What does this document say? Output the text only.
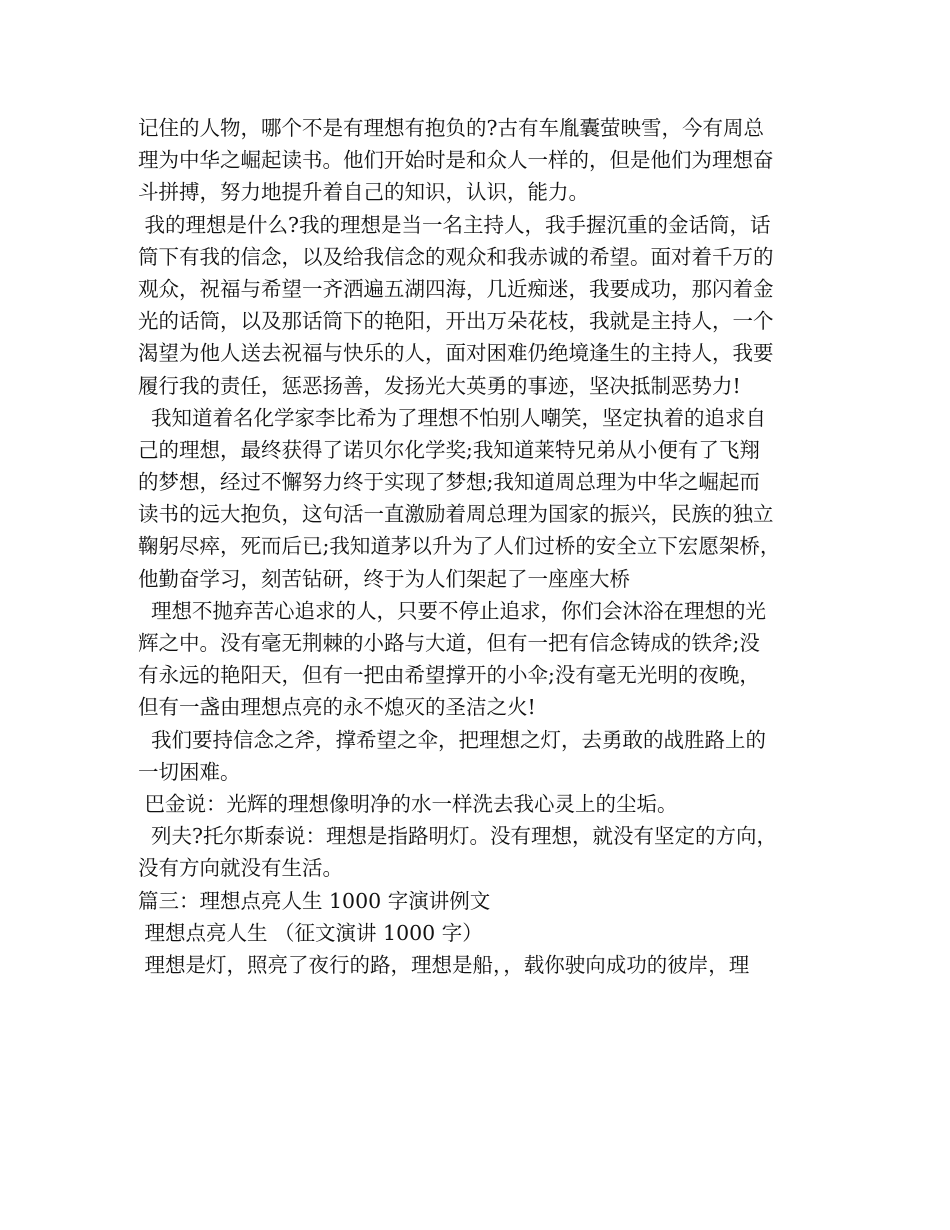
记住的人物，哪个不是有理想有抱负的?古有车胤囊萤映雪，今有周总
理为中华之崛起读书。他们开始时是和众人一样的，但是他们为理想奋
斗拼搏，努力地提升着自己的知识，认识，能力。
我的理想是什么?我的理想是当一名主持人，我手握沉重的金话筒，话
筒下有我的信念，以及给我信念的观众和我赤诚的希望。面对着千万的
观众，祝福与希望一齐洒遍五湖四海，几近痴迷，我要成功，那闪着金
光的话筒，以及那话筒下的艳阳，开出万朵花枝，我就是主持人，一个
渴望为他人送去祝福与快乐的人，面对困难仍绝境逢生的主持人，我要
履行我的责任，惩恶扬善，发扬光大英勇的事迹，坚决抵制恶势力!
我知道着名化学家李比希为了理想不怕别人嘲笑，坚定执着的追求自
己的理想，最终获得了诺贝尔化学奖;我知道莱特兄弟从小便有了飞翔
的梦想，经过不懈努力终于实现了梦想;我知道周总理为中华之崛起而
读书的远大抱负，这句活一直激励着周总理为国家的振兴，民族的独立
鞠躬尽瘁，死而后已;我知道茅以升为了人们过桥的安全立下宏愿架桥，
他勤奋学习，刻苦钻研，终于为人们架起了一座座大桥
理想不抛弃苦心追求的人，只要不停止追求，你们会沐浴在理想的光
辉之中。没有毫无荆棘的小路与大道，但有一把有信念铸成的铁斧;没
有永远的艳阳天，但有一把由希望撑开的小伞;没有毫无光明的夜晚，
但有一盏由理想点亮的永不熄灭的圣洁之火!
我们要持信念之斧，撑希望之伞，把理想之灯，去勇敢的战胜路上的
一切困难。
巴金说：光辉的理想像明净的水一样洗去我心灵上的尘垢。
列夫?托尔斯泰说：理想是指路明灯。没有理想，就没有坚定的方向，
没有方向就没有生活。
篇三：理想点亮人生 1000 字演讲例文
理想点亮人生 （征文演讲 1000 字）
理想是灯，照亮了夜行的路，理想是船，，载你驶向成功的彼岸，理
